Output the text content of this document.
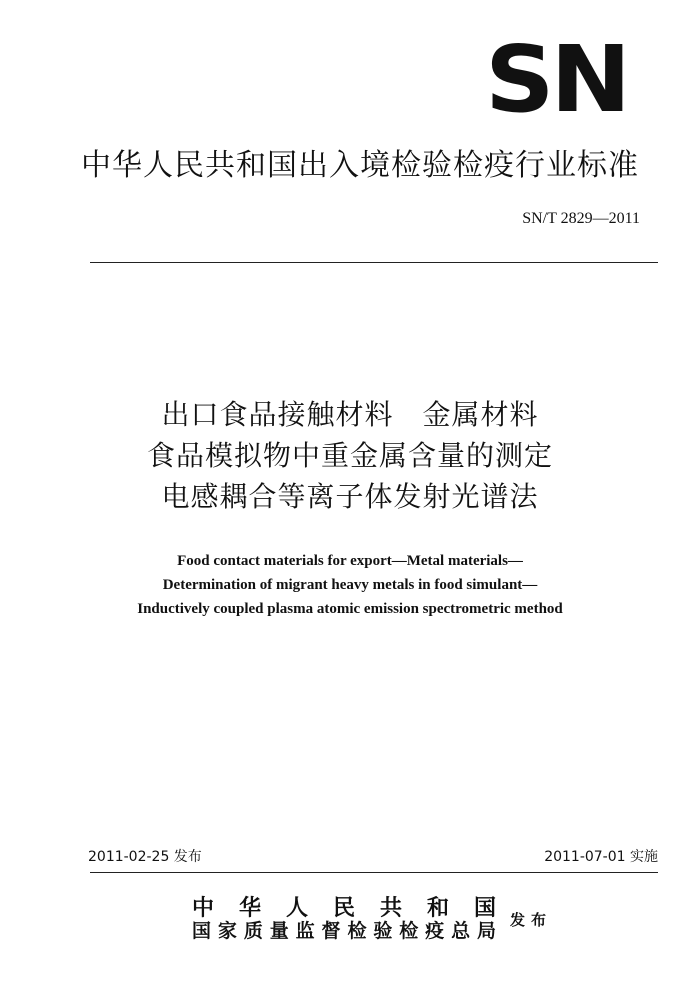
SN
中华人民共和国出入境检验检疫行业标准
SN/T 2829—2011
出口食品接触材料　金属材料
食品模拟物中重金属含量的测定
电感耦合等离子体发射光谱法
Food contact materials for export—Metal materials—
Determination of migrant heavy metals in food simulant—
Inductively coupled plasma atomic emission spectrometric method
2011-02-25 发布	2011-07-01 实施
中 华 人 民 共 和 国
国家质量监督检验检疫总局 发布
